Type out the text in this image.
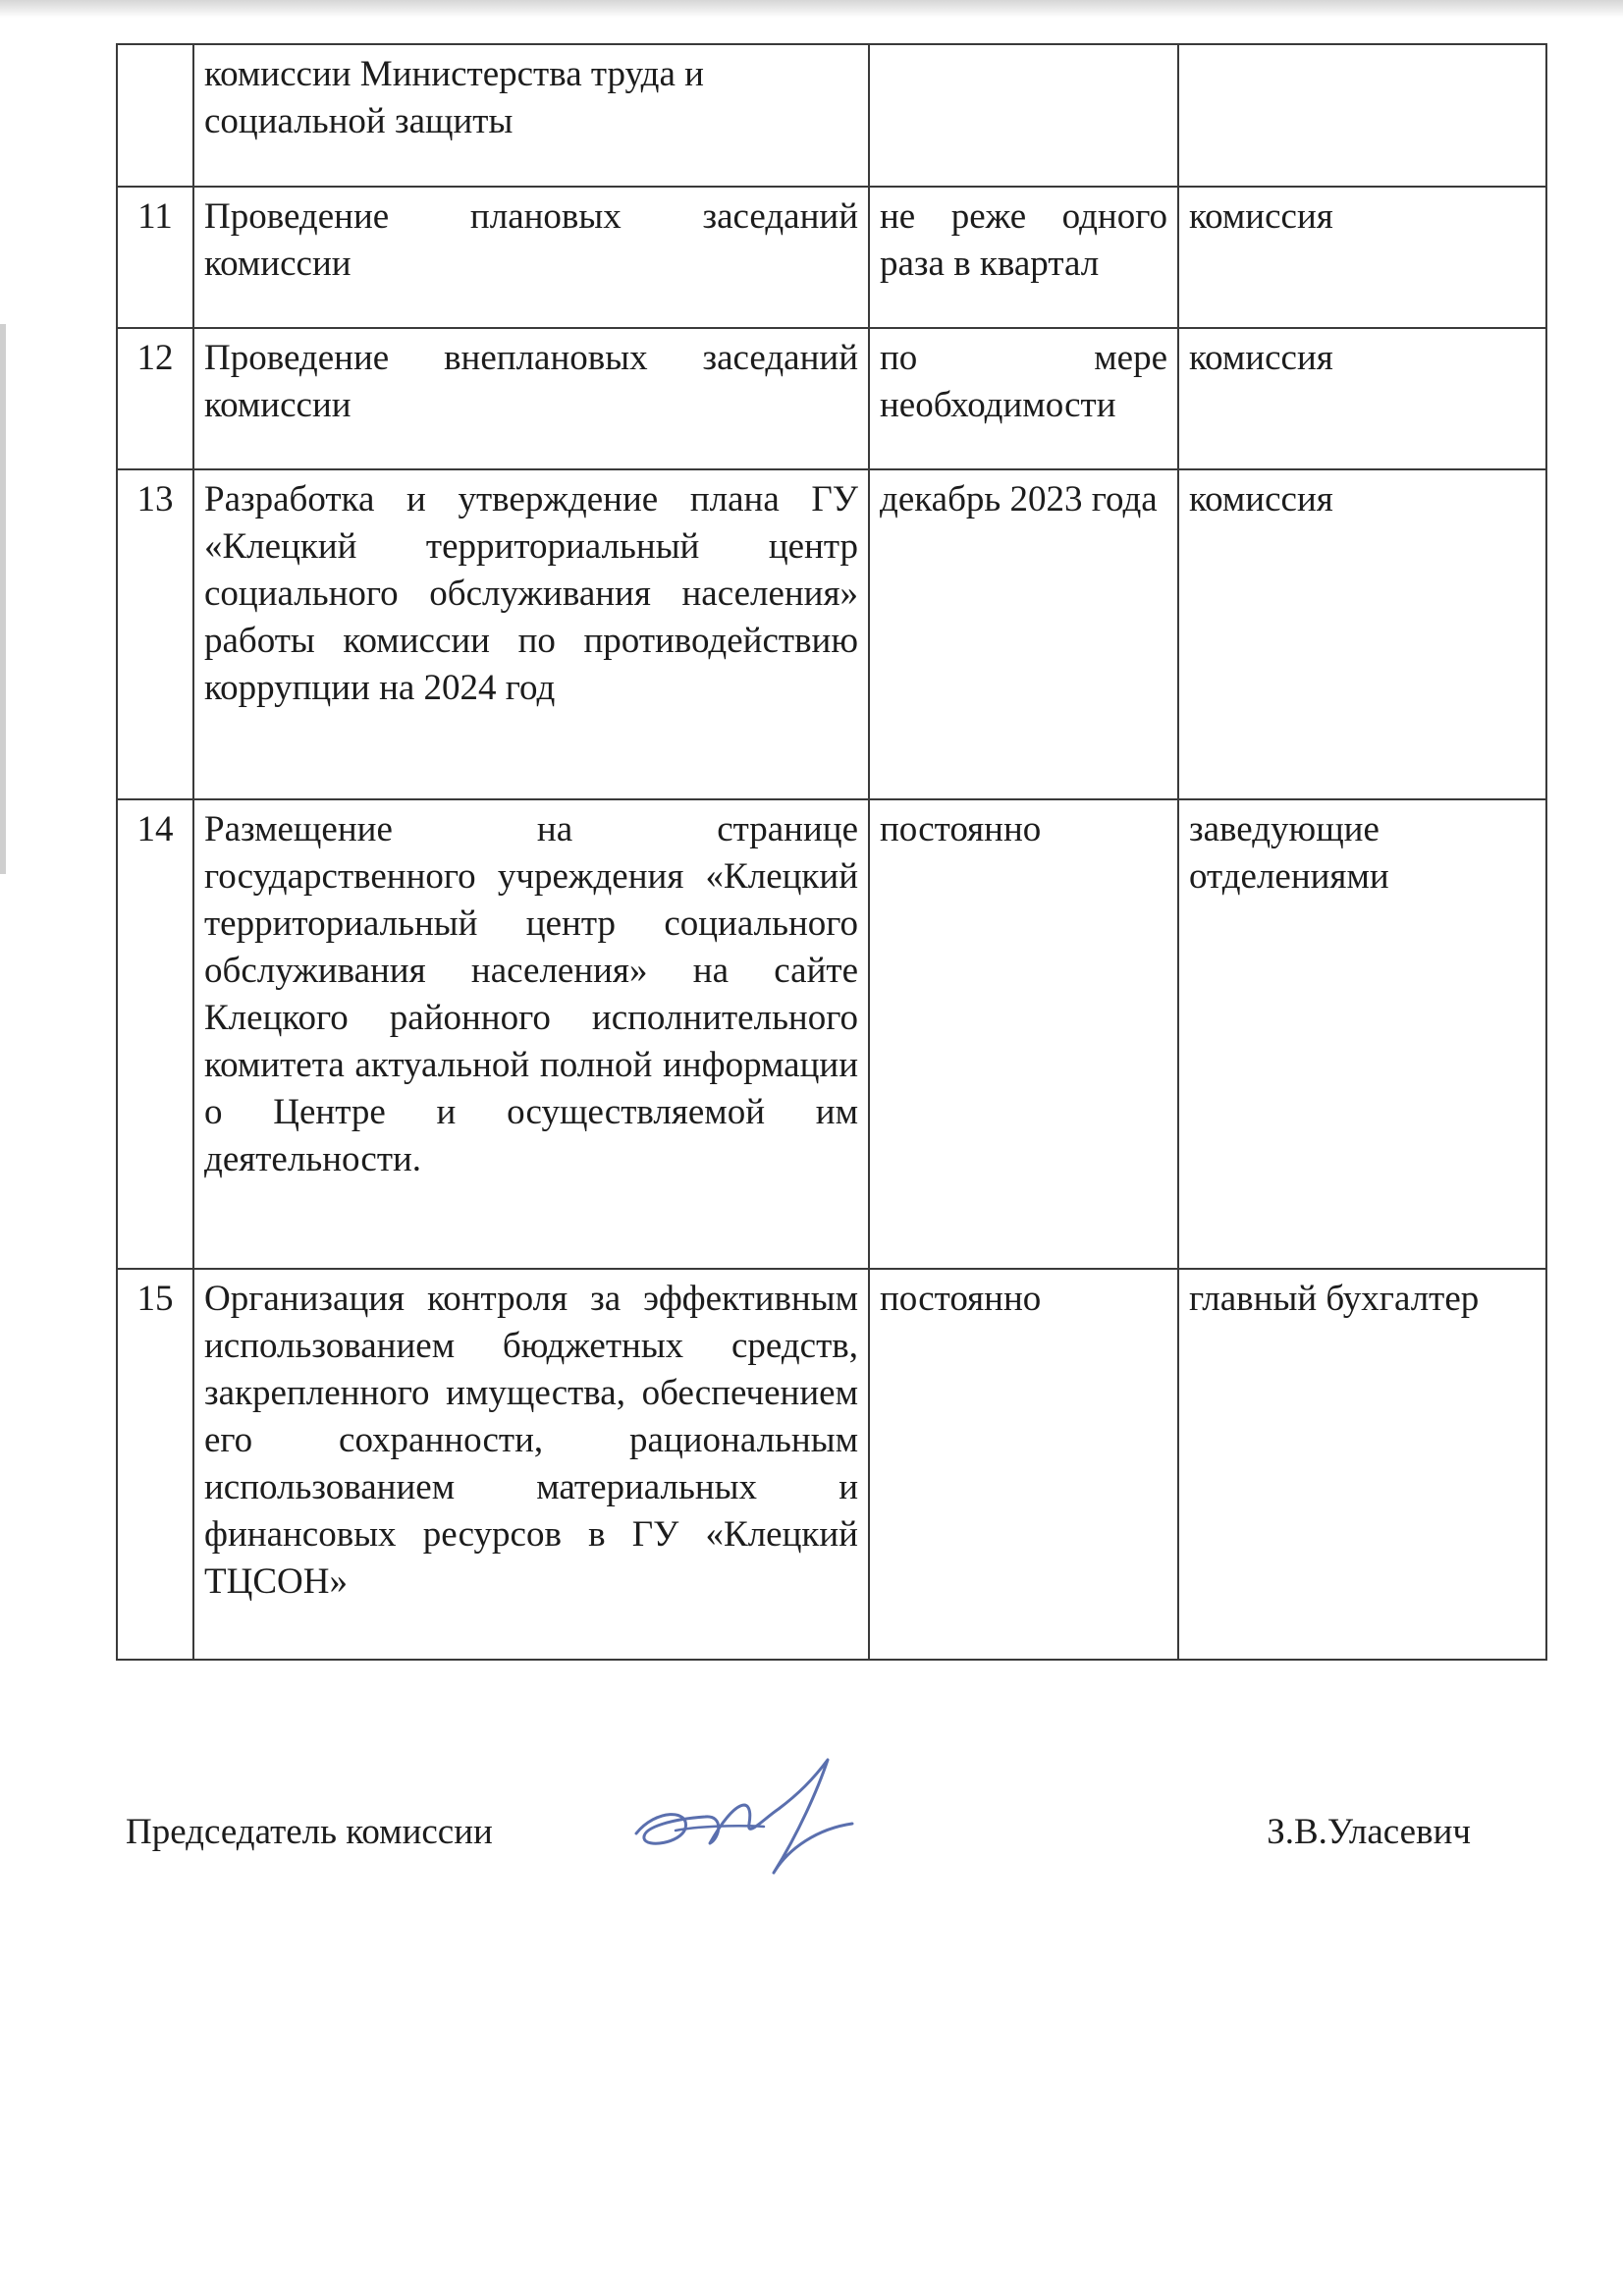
	комиссии Министерства труда и социальной защиты		
11	Проведение плановых заседаний комиссии	не реже одного раза в квартал	комиссия
12	Проведение внеплановых заседаний комиссии	по мере необходимости	комиссия
13	Разработка и утверждение плана ГУ «Клецкий территориальный центр социального обслуживания населения» работы комиссии по противодействию коррупции на 2024 год	декабрь 2023 года	комиссия
14	Размещение на странице государственного учреждения «Клецкий территориальный центр социального обслуживания населения» на сайте Клецкого районного исполнительного комитета актуальной полной информации о Центре и осуществляемой им деятельности.	постоянно	заведующие отделениями
15	Организация контроля за эффективным использованием бюджетных средств, закрепленного имущества, обеспечением его сохранности, рациональным использованием материальных и финансовых ресурсов в ГУ «Клецкий ТЦСОН»	постоянно	главный бухгалтер
Председатель комиссии	З.В.Уласевич
